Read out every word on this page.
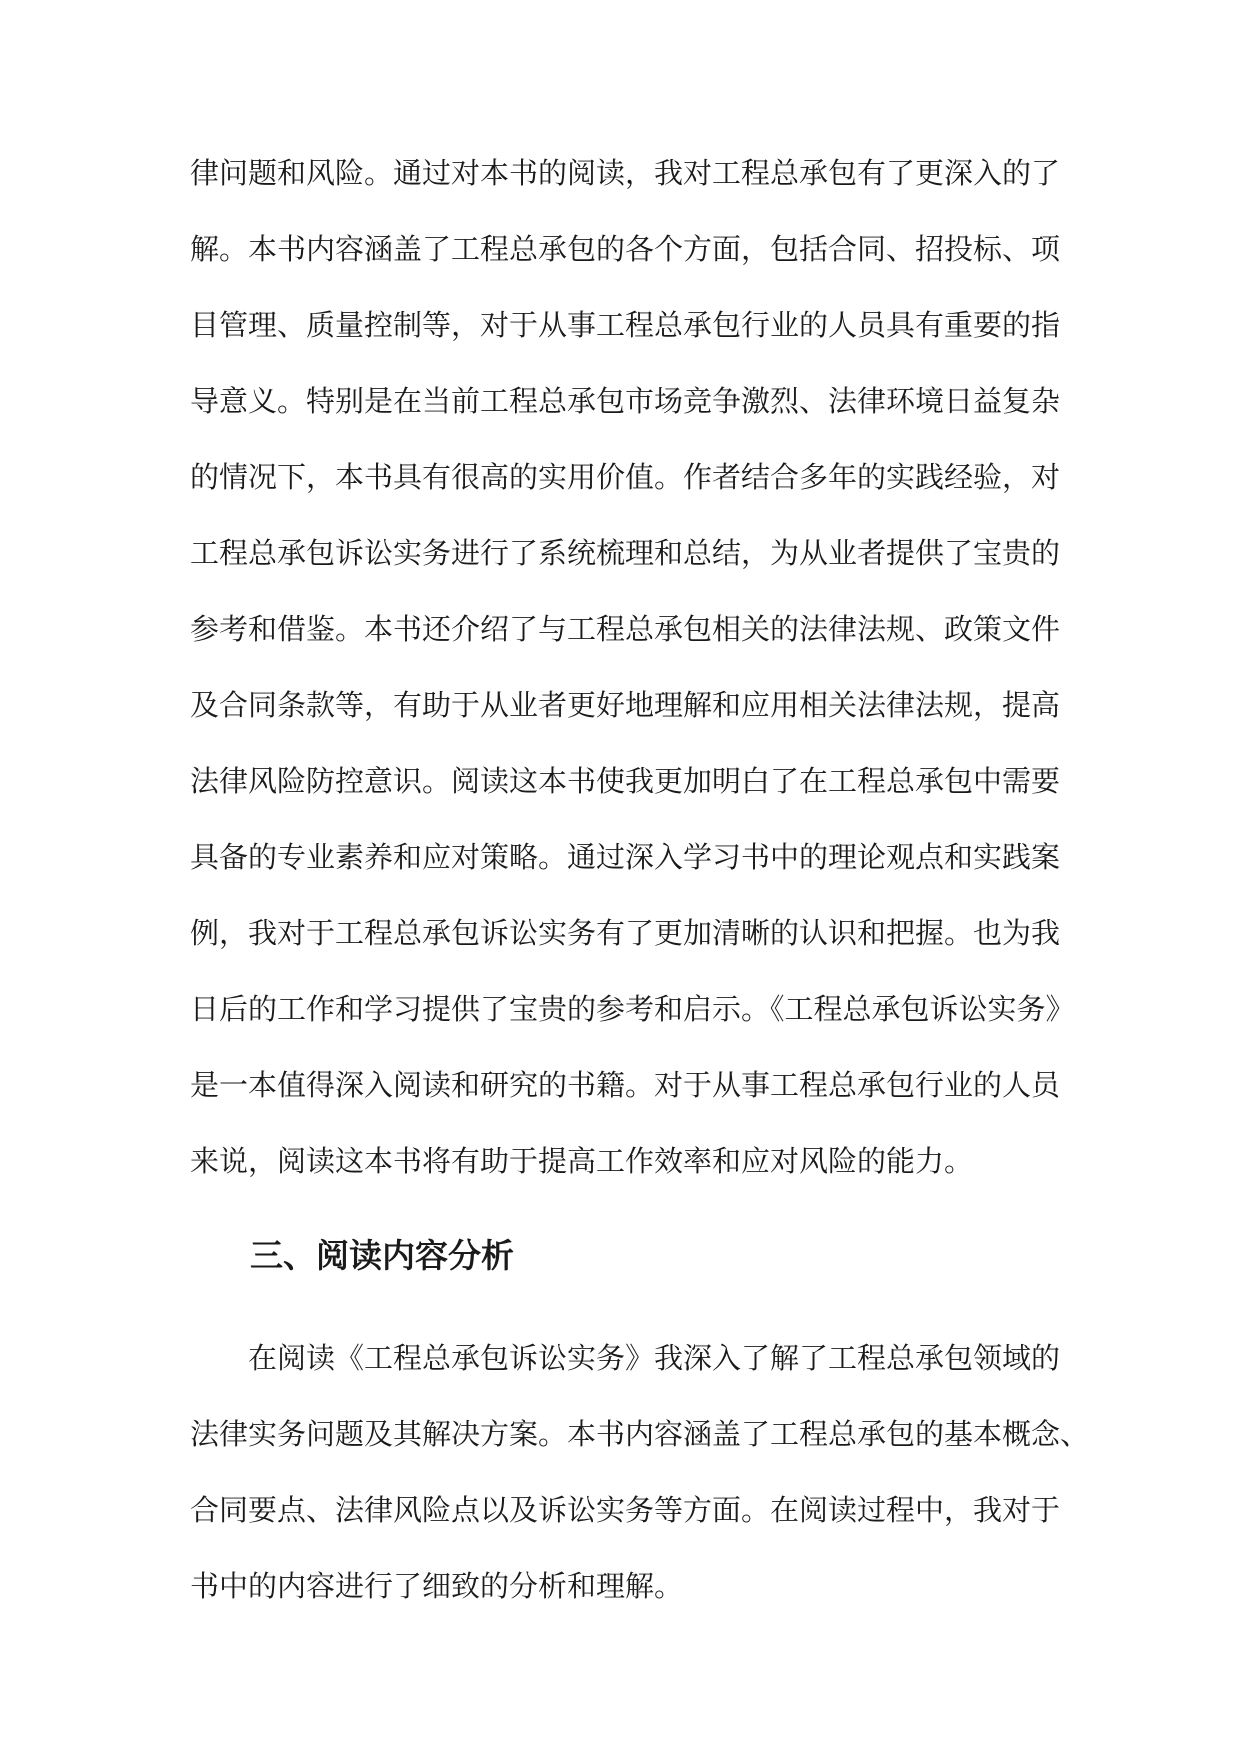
律问题和风险。通过对本书的阅读，我对工程总承包有了更深入的了
解。本书内容涵盖了工程总承包的各个方面，包括合同、招投标、项
目管理、质量控制等，对于从事工程总承包行业的人员具有重要的指
导意义。特别是在当前工程总承包市场竞争激烈、法律环境日益复杂
的情况下，本书具有很高的实用价值。作者结合多年的实践经验，对
工程总承包诉讼实务进行了系统梳理和总结，为从业者提供了宝贵的
参考和借鉴。本书还介绍了与工程总承包相关的法律法规、政策文件
及合同条款等，有助于从业者更好地理解和应用相关法律法规，提高
法律风险防控意识。阅读这本书使我更加明白了在工程总承包中需要
具备的专业素养和应对策略。通过深入学习书中的理论观点和实践案
例，我对于工程总承包诉讼实务有了更加清晰的认识和把握。也为我
日后的工作和学习提供了宝贵的参考和启示。《工程总承包诉讼实务》
是一本值得深入阅读和研究的书籍。对于从事工程总承包行业的人员
来说，阅读这本书将有助于提高工作效率和应对风险的能力。
三、阅读内容分析
　　在阅读《工程总承包诉讼实务》我深入了解了工程总承包领域的
法律实务问题及其解决方案。本书内容涵盖了工程总承包的基本概念、
合同要点、法律风险点以及诉讼实务等方面。在阅读过程中，我对于
书中的内容进行了细致的分析和理解。
